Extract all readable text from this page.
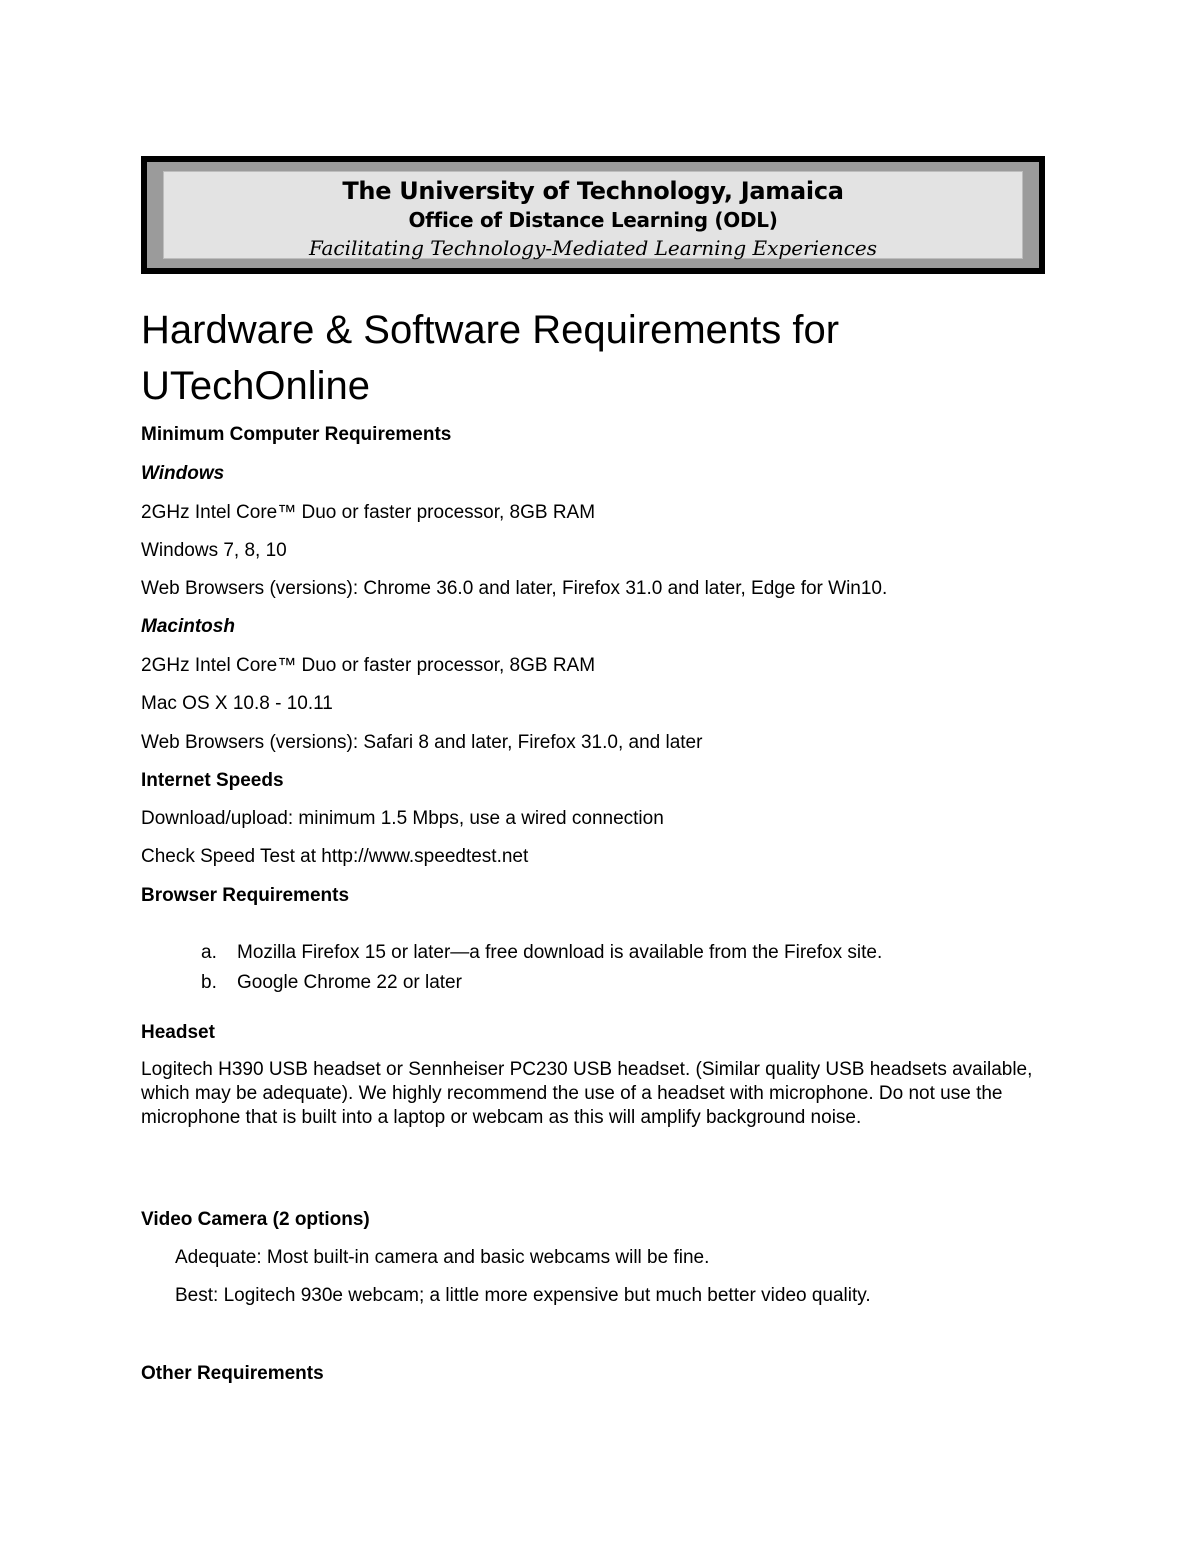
The University of Technology, Jamaica
Office of Distance Learning (ODL)
Facilitating Technology-Mediated Learning Experiences
Hardware & Software Requirements for UTechOnline

Minimum Computer Requirements

Windows

2GHz Intel Core™ Duo or faster processor, 8GB RAM

Windows 7, 8, 10

Web Browsers (versions): Chrome 36.0 and later, Firefox 31.0 and later, Edge for Win10.

Macintosh

2GHz Intel Core™ Duo or faster processor, 8GB RAM

Mac OS X 10.8 - 10.11

Web Browsers (versions): Safari 8 and later, Firefox 31.0, and later

Internet Speeds

Download/upload: minimum 1.5 Mbps, use a wired connection

Check Speed Test at http://www.speedtest.net

Browser Requirements

a. Mozilla Firefox 15 or later—a free download is available from the Firefox site.
b. Google Chrome 22 or later

Headset

Logitech H390 USB headset or Sennheiser PC230 USB headset. (Similar quality USB headsets available, which may be adequate). We highly recommend the use of a headset with microphone. Do not use the microphone that is built into a laptop or webcam as this will amplify background noise.

Video Camera (2 options)

Adequate: Most built-in camera and basic webcams will be fine.

Best: Logitech 930e webcam; a little more expensive but much better video quality.

Other Requirements
